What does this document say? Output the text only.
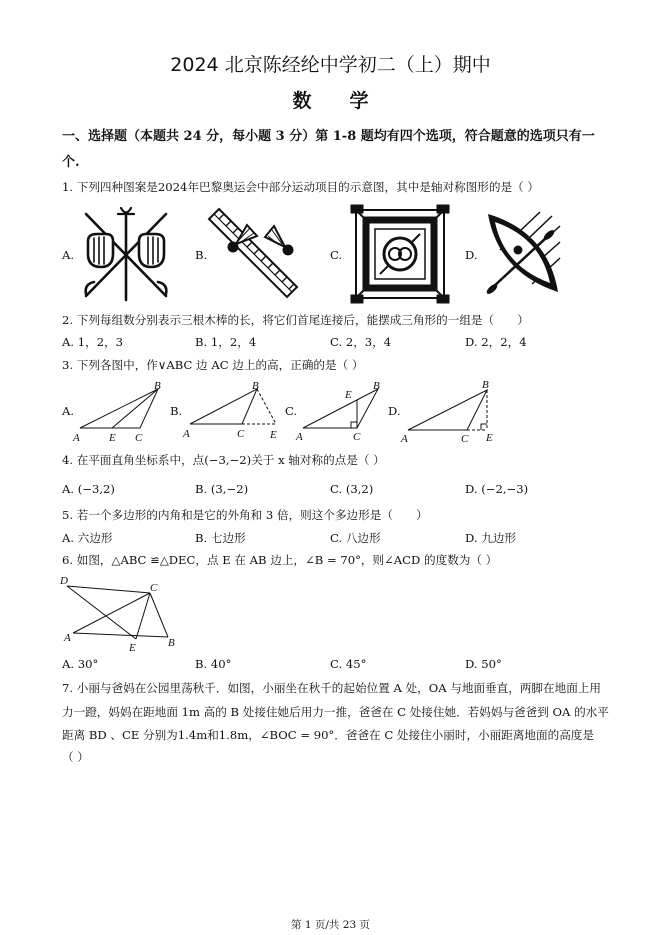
B
A	E C
B
A	C E
E
B
A	C
B
A	C E
D
C
A
E	B
2024 北京陈经纶中学初二（上）期中
数　　学
一、选择题（本题共 24 分，每小题 3 分）第 1-8 题均有四个选项，符合题意的选项只有一
个.
1. 下列四种图案是2024年巴黎奥运会中部分运动项目的示意图，其中是轴对称图形的是（ ）
A.	B.	C.	D.
2. 下列每组数分别表示三根木棒的长，将它们首尾连接后，能摆成三角形的一组是（　　）
A. 1，2，3	B. 1，2，4	C. 2，3，4	D. 2，2，4
3. 下列各图中，作∨ABC 边 AC 边上的高，正确的是（ ）
A.	B.	C.	D.
4. 在平面直角坐标系中，点(−3,−2)关于 x 轴对称的点是（ ）
A. (−3,2)	B. (3,−2)	C. (3,2)	D. (−2,−3)
5. 若一个多边形的内角和是它的外角和 3 倍，则这个多边形是（　　）
A. 六边形	B. 七边形	C. 八边形	D. 九边形
6. 如图，△ABC ≌△DEC，点 E 在 AB 边上，∠B = 70°，则∠ACD 的度数为（ ）
A. 30°	B. 40°	C. 45°	D. 50°
7. 小丽与爸妈在公园里荡秋千．如图，小丽坐在秋千的起始位置 A 处，OA 与地面垂直，两脚在地面上用
力一蹬，妈妈在距地面 1m 高的 B 处接住她后用力一推，爸爸在 C 处接住她．若妈妈与爸爸到 OA 的水平
距离 BD 、CE 分别为1.4m和1.8m，∠BOC = 90°．爸爸在 C 处接住小丽时，小丽距离地面的高度是
（ ）
第 1 页/共 23 页
